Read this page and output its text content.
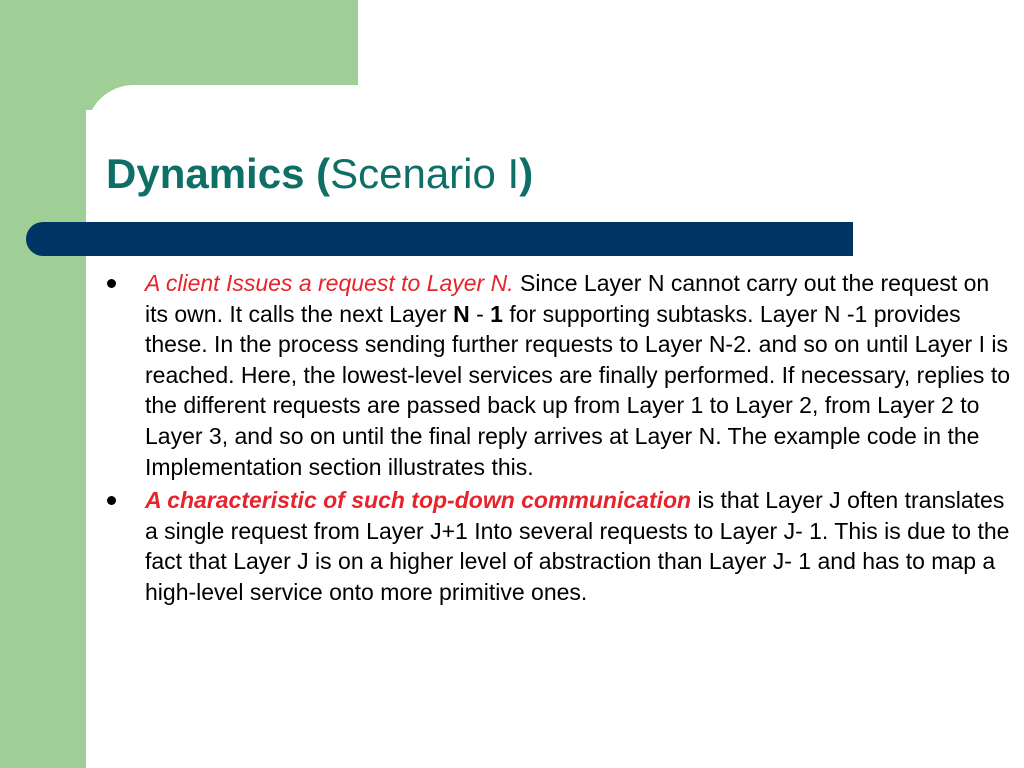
Dynamics (Scenario I)
A client Issues a request to Layer N. Since Layer N cannot carry out the request on its own. It calls the next Layer N - 1 for supporting subtasks. Layer N -1 provides these. In the process sending further requests to Layer N-2. and so on until Layer I is reached. Here, the lowest-level services are finally performed. If necessary, replies to the different requests are passed back up from Layer 1 to Layer 2, from Layer 2 to Layer 3, and so on until the final reply arrives at Layer N. The example code in the Implementation section illustrates this.
A characteristic of such top-down communication is that Layer J often translates a single request from Layer J+1 Into several requests to Layer J- 1. This is due to the fact that Layer J is on a higher level of abstraction than Layer J- 1 and has to map a high-level service onto more primitive ones.
